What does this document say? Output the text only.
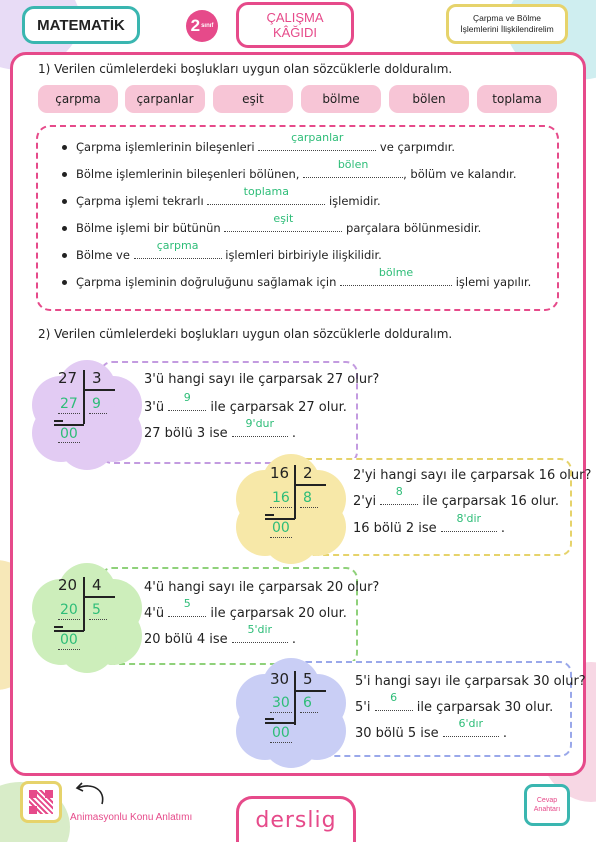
MATEMATİK	2 sınıf
ÇALIŞMA
KÂĞIDI
Çarpma ve Bölme
İşlemlerini İlişkilendirelim
1) Verilen cümlelerdeki boşlukları uygun olan sözcüklerle dolduralım.
çarpma	çarpanlar	eşit	bölme	bölen	toplama
Çarpma işlemlerinin bileşenleri
çarpanlar
ve çarpımdır.
Bölme işlemlerinin bileşenleri bölünen,
bölen
, bölüm ve kalandır.
Çarpma işlemi tekrarlı
toplama
işlemidir.
Bölme işlemi bir bütünün
eşit
parçalara bölünmesidir.
Bölme ve
çarpma
işlemleri birbiriyle ilişkilidir.
Çarpma işleminin doğruluğunu sağlamak için
bölme
işlemi yapılır.
2) Verilen cümlelerdeki boşlukları uygun olan sözcüklerle dolduralım.
27 3
27 9
00
3'ü hangi sayı ile çarparsak 27 olur?
3'ü
9
ile çarparsak 27 olur.
27 bölü 3 ise
9'dur
.
16 2
16 8
00
2'yi hangi sayı ile çarparsak 16 olur?
2'yi
8
ile çarparsak 16 olur.
16 bölü 2 ise
8'dir
.
20 4
20 5
00
4'ü hangi sayı ile çarparsak 20 olur?
4'ü
5
ile çarparsak 20 olur.
20 bölü 4 ise
5'dir
.
30 5
30 6
00
5'i hangi sayı ile çarparsak 30 olur?
5'i
6
ile çarparsak 30 olur.
30 bölü 5 ise
6'dır
.
Animasyonlu Konu Anlatımı	derslig
Cevap
Anahtarı
